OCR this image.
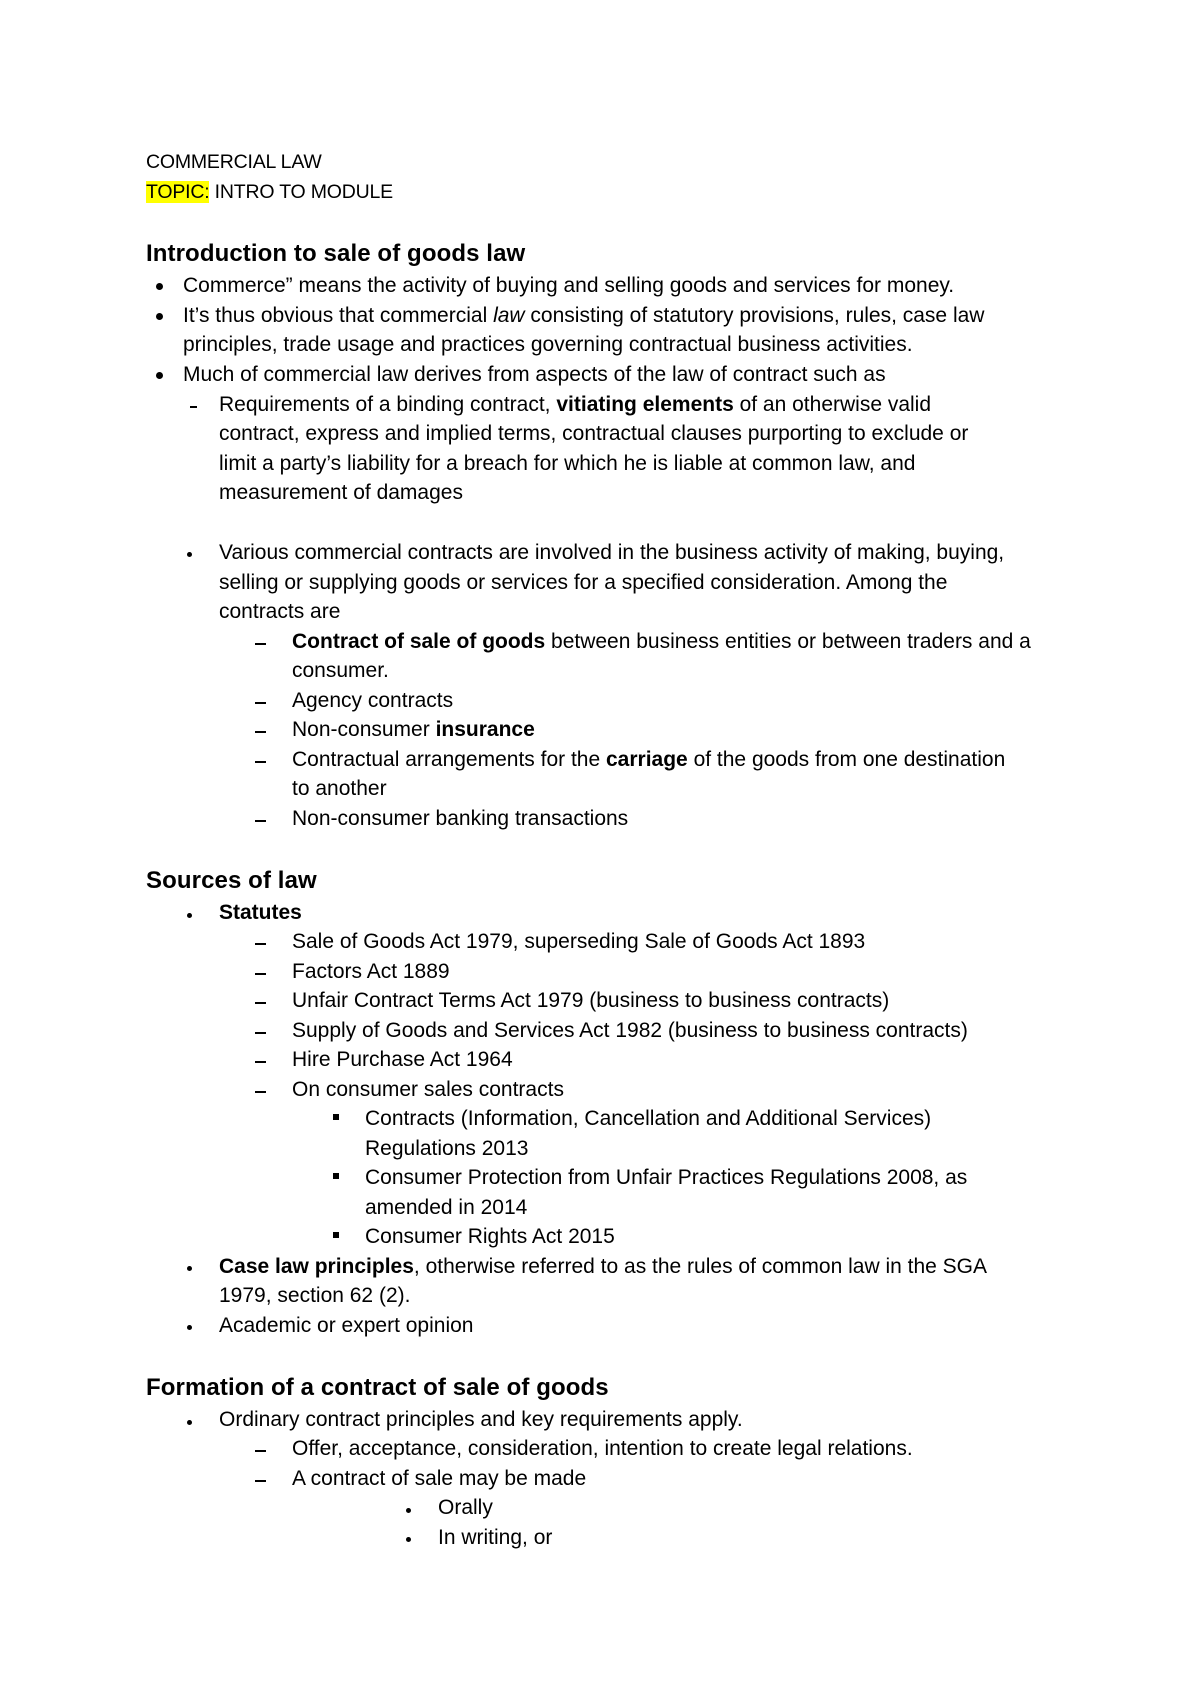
COMMERCIAL LAW
TOPIC: INTRO TO MODULE
Introduction to sale of goods law
Commerce” means the activity of buying and selling goods and services for money.
It’s thus obvious that commercial law consisting of statutory provisions, rules, case law
principles, trade usage and practices governing contractual business activities.
Much of commercial law derives from aspects of the law of contract such as
Requirements of a binding contract, vitiating elements of an otherwise valid
contract, express and implied terms, contractual clauses purporting to exclude or
limit a party’s liability for a breach for which he is liable at common law, and
measurement of damages
Various commercial contracts are involved in the business activity of making, buying,
selling or supplying goods or services for a specified consideration. Among the
contracts are
Contract of sale of goods between business entities or between traders and a
consumer.
Agency contracts
Non-consumer insurance
Contractual arrangements for the carriage of the goods from one destination
to another
Non-consumer banking transactions
Sources of law
Statutes
Sale of Goods Act 1979, superseding Sale of Goods Act 1893
Factors Act 1889
Unfair Contract Terms Act 1979 (business to business contracts)
Supply of Goods and Services Act 1982 (business to business contracts)
Hire Purchase Act 1964
On consumer sales contracts
Contracts (Information, Cancellation and Additional Services)
Regulations 2013
Consumer Protection from Unfair Practices Regulations 2008, as
amended in 2014
Consumer Rights Act 2015
Case law principles, otherwise referred to as the rules of common law in the SGA
1979, section 62 (2).
Academic or expert opinion
Formation of a contract of sale of goods
Ordinary contract principles and key requirements apply.
Offer, acceptance, consideration, intention to create legal relations.
A contract of sale may be made
Orally
In writing, or
